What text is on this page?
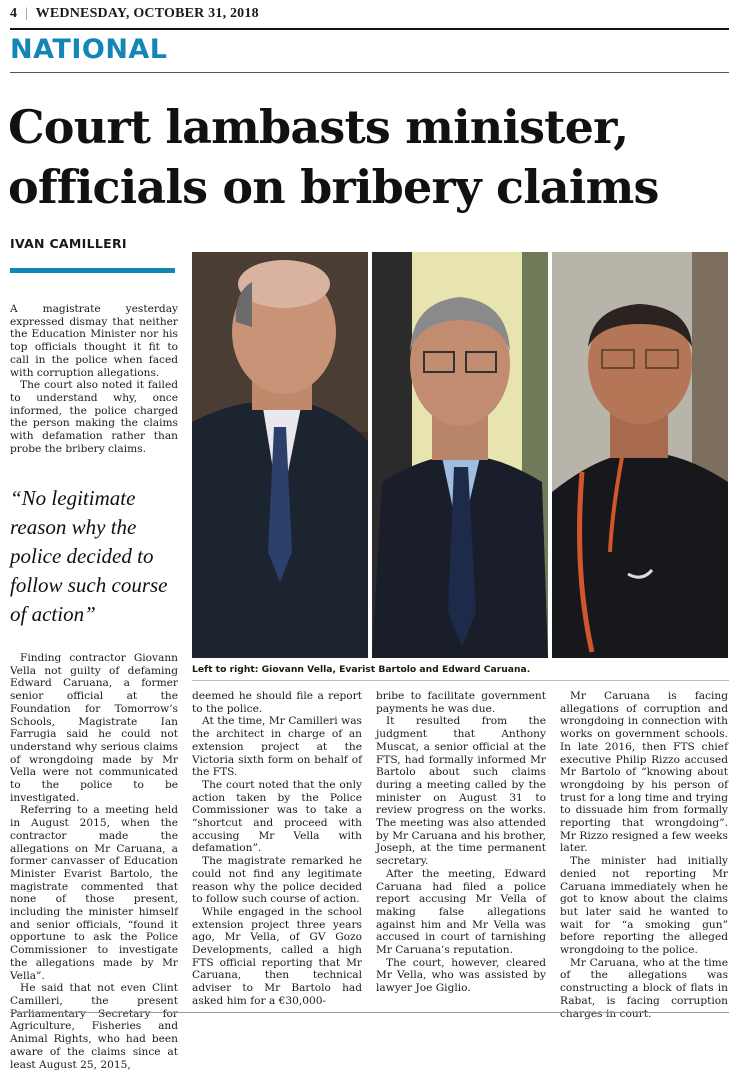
4 | WEDNESDAY, OCTOBER 31, 2018
NATIONAL
Court lambasts minister, officials on bribery claims
IVAN CAMILLERI

A magistrate yesterday expressed dismay that neither the Education Minister nor his top officials thought it fit to call in the police when faced with corruption allegations.

The court also noted it failed to understand why, once informed, the police charged the person making the claims with defamation rather than probe the bribery claims.

“No legitimate reason why the police decided to follow such course of action”
Left to right: Giovann Vella, Evarist Bartolo and Edward Caruana.

Finding contractor Giovann Vella not guilty of defaming Edward Caruana, a former senior official at the Foundation for Tomorrow’s Schools, Magistrate Ian Farrugia said he could not understand why serious claims of wrongdoing made by Mr Vella were not communicated to the police to be investigated.

Referring to a meeting held in August 2015, when the contractor made the allegations on Mr Caruana, a former canvasser of Education Minister Evarist Bartolo, the magistrate commented that none of those present, including the minister himself and senior officials, “found it opportune to ask the Police Commissioner to investigate the allegations made by Mr Vella”.

He said that not even Clint Camilleri, the present Parliamentary Secretary for Agriculture, Fisheries and Animal Rights, who had been aware of the claims since at least August 25, 2015,

deemed he should file a report to the police.

At the time, Mr Camilleri was the architect in charge of an extension project at the Victoria sixth form on behalf of the FTS.

The court noted that the only action taken by the Police Commissioner was to take a “shortcut and proceed with accusing Mr Vella with defamation”.

The magistrate remarked he could not find any legitimate reason why the police decided to follow such course of action.

While engaged in the school extension project three years ago, Mr Vella, of GV Gozo Developments, called a high FTS official reporting that Mr Caruana, then technical adviser to Mr Bartolo had asked him for a €30,000-

bribe to facilitate government payments he was due.

It resulted from the judgment that Anthony Muscat, a senior official at the FTS, had formally informed Mr Bartolo about such claims during a meeting called by the minister on August 31 to review progress on the works. The meeting was also attended by Mr Caruana and his brother, Joseph, at the time permanent secretary.

After the meeting, Edward Caruana had filed a police report accusing Mr Vella of making false allegations against him and Mr Vella was accused in court of tarnishing Mr Caruana’s reputation.

The court, however, cleared Mr Vella, who was assisted by lawyer Joe Giglio.

Mr Caruana is facing allegations of corruption and wrongdoing in connection with works on government schools. In late 2016, then FTS chief executive Philip Rizzo accused Mr Bartolo of “knowing about wrongdoing by his person of trust for a long time and trying to dissuade him from formally reporting that wrongdoing”. Mr Rizzo resigned a few weeks later.

The minister had initially denied not reporting Mr Caruana immediately when he got to know about the claims but later said he wanted to wait for “a smoking gun” before reporting the alleged wrongdoing to the police.

Mr Caruana, who at the time of the allegations was constructing a block of flats in Rabat, is facing corruption charges in court.
